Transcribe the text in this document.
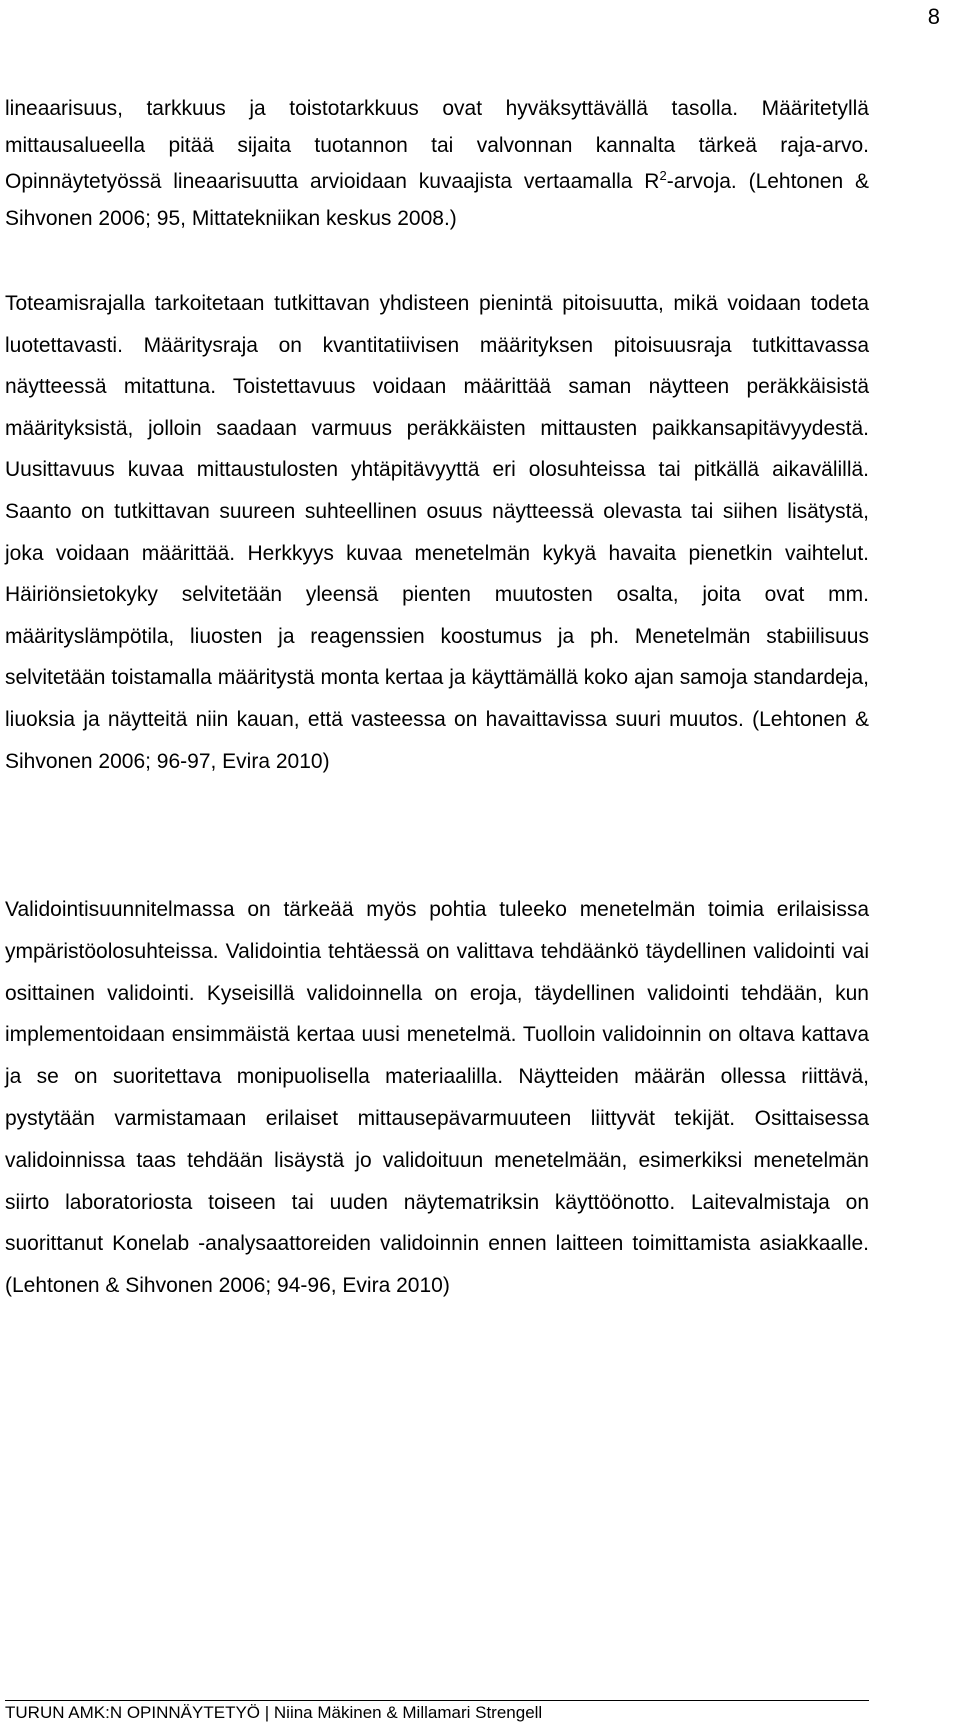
8

lineaarisuus, tarkkuus ja toistotarkkuus ovat hyväksyttävällä tasolla. Määritetyllä mittausalueella pitää sijaita tuotannon tai valvonnan kannalta tärkeä raja-arvo. Opinnäytetyössä lineaarisuutta arvioidaan kuvaajista vertaamalla $R^2$-arvoja. (Lehtonen & Sihvonen 2006; 95, Mittatekniikan keskus 2008.)

Toteamisrajalla tarkoitetaan tutkittavan yhdisteen pienintä pitoisuutta, mikä voidaan todeta luotettavasti. Määritysraja on kvantitatiivisen määrityksen pitoisuusraja tutkittavassa näytteessä mitattuna. Toistettavuus voidaan määrittää saman näytteen peräkkäisistä määrityksistä, jolloin saadaan varmuus peräkkäisten mittausten paikkansapitävyydestä. Uusittavuus kuvaa mittaustulosten yhtäpitävyyttä eri olosuhteissa tai pitkällä aikavälillä. Saanto on tutkittavan suureen suhteellinen osuus näytteessä olevasta tai siihen lisätystä, joka voidaan määrittää. Herkkyys kuvaa menetelmän kykyä havaita pienetkin vaihtelut. Häiriönsietokyky selvitetään yleensä pienten muutosten osalta, joita ovat mm. määrityslämpötila, liuosten ja reagenssien koostumus ja ph. Menetelmän stabiilisuus selvitetään toistamalla määritystä monta kertaa ja käyttämällä koko ajan samoja standardeja, liuoksia ja näytteitä niin kauan, että vasteessa on havaittavissa suuri muutos. (Lehtonen & Sihvonen 2006; 96-97, Evira 2010)

Validointisuunnitelmassa on tärkeää myös pohtia tuleeko menetelmän toimia erilaisissa ympäristöolosuhteissa. Validointia tehtäessä on valittava tehdäänkö täydellinen validointi vai osittainen validointi. Kyseisillä validoinnella on eroja, täydellinen validointi tehdään, kun implementoidaan ensimmäistä kertaa uusi menetelmä. Tuolloin validoinnin on oltava kattava ja se on suoritettava monipuolisella materiaalilla. Näytteiden määrän ollessa riittävä, pystytään varmistamaan erilaiset mittausepävarmuuteen liittyvät tekijät. Osittaisessa validoinnissa taas tehdään lisäystä jo validoituun menetelmään, esimerkiksi menetelmän siirto laboratoriosta toiseen tai uuden näytematriksin käyttöönotto. Laitevalmistaja on suorittanut Konelab -analysaattoreiden validoinnin ennen laitteen toimittamista asiakkaalle. (Lehtonen & Sihvonen 2006; 94-96, Evira 2010)

TURUN AMK:N OPINNÄYTETYÖ | Niina Mäkinen & Millamari Strengell
